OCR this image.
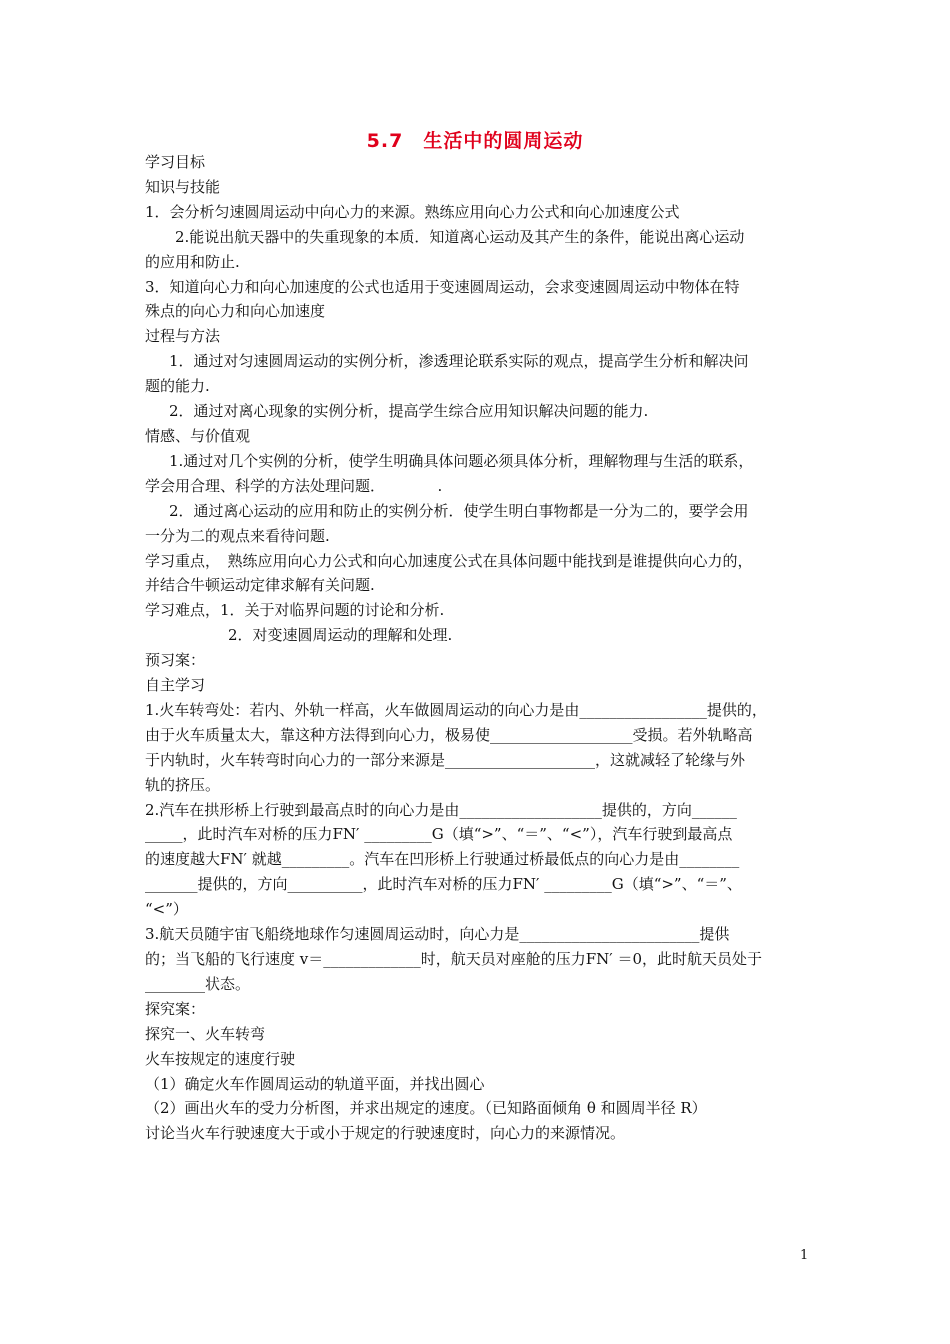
5.7　生活中的圆周运动

学习目标

知识与技能

1．会分析匀速圆周运动中向心力的来源。熟练应用向心力公式和向心加速度公式

2.能说出航天器中的失重现象的本质．知道离心运动及其产生的条件，能说出离心运动

的应用和防止.

3．知道向心力和向心加速度的公式也适用于变速圆周运动，会求变速圆周运动中物体在特

殊点的向心力和向心加速度

过程与方法

1．通过对匀速圆周运动的实例分析，渗透理论联系实际的观点，提高学生分析和解决问

题的能力.

2．通过对离心现象的实例分析，提高学生综合应用知识解决问题的能力.

情感、与价值观

1.通过对几个实例的分析，使学生明确具体问题必须具体分析，理解物理与生活的联系，

学会用合理、科学的方法处理问题．　　　　.

2．通过离心运动的应用和防止的实例分析．使学生明白事物都是一分为二的，要学会用

一分为二的观点来看待问题.

学习重点，　熟练应用向心力公式和向心加速度公式在具体问题中能找到是谁提供向心力的，

并结合牛顿运动定律求解有关问题.

学习难点，1．关于对临界问题的讨论和分析.

2．对变速圆周运动的理解和处理.

预习案：

自主学习

1.火车转弯处：若内、外轨一样高，火车做圆周运动的向心力是由_________________提供的，

由于火车质量太大，靠这种方法得到向心力，极易使___________________受损。若外轨略高

于内轨时，火车转弯时向心力的一部分来源是____________________，这就减轻了轮缘与外

轨的挤压。

2.汽车在拱形桥上行驶到最高点时的向心力是由___________________提供的，方向______

_____，此时汽车对桥的压力FN′ _________G（填“>”、“＝”、“<”），汽车行驶到最高点

的速度越大FN′ 就越_________。汽车在凹形桥上行驶通过桥最低点的向心力是由________

_______提供的，方向__________，此时汽车对桥的压力FN′ _________G（填“>”、“＝”、

“<”）

3.航天员随宇宙飞船绕地球作匀速圆周运动时，向心力是________________________提供

的；当飞船的飞行速度 v＝_____________时，航天员对座舱的压力FN′ ＝0，此时航天员处于

________状态。

探究案：

探究一、火车转弯

火车按规定的速度行驶

（1）确定火车作圆周运动的轨道平面，并找出圆心

（2）画出火车的受力分析图，并求出规定的速度。（已知路面倾角 θ 和圆周半径 R）

讨论当火车行驶速度大于或小于规定的行驶速度时，向心力的来源情况。

1
